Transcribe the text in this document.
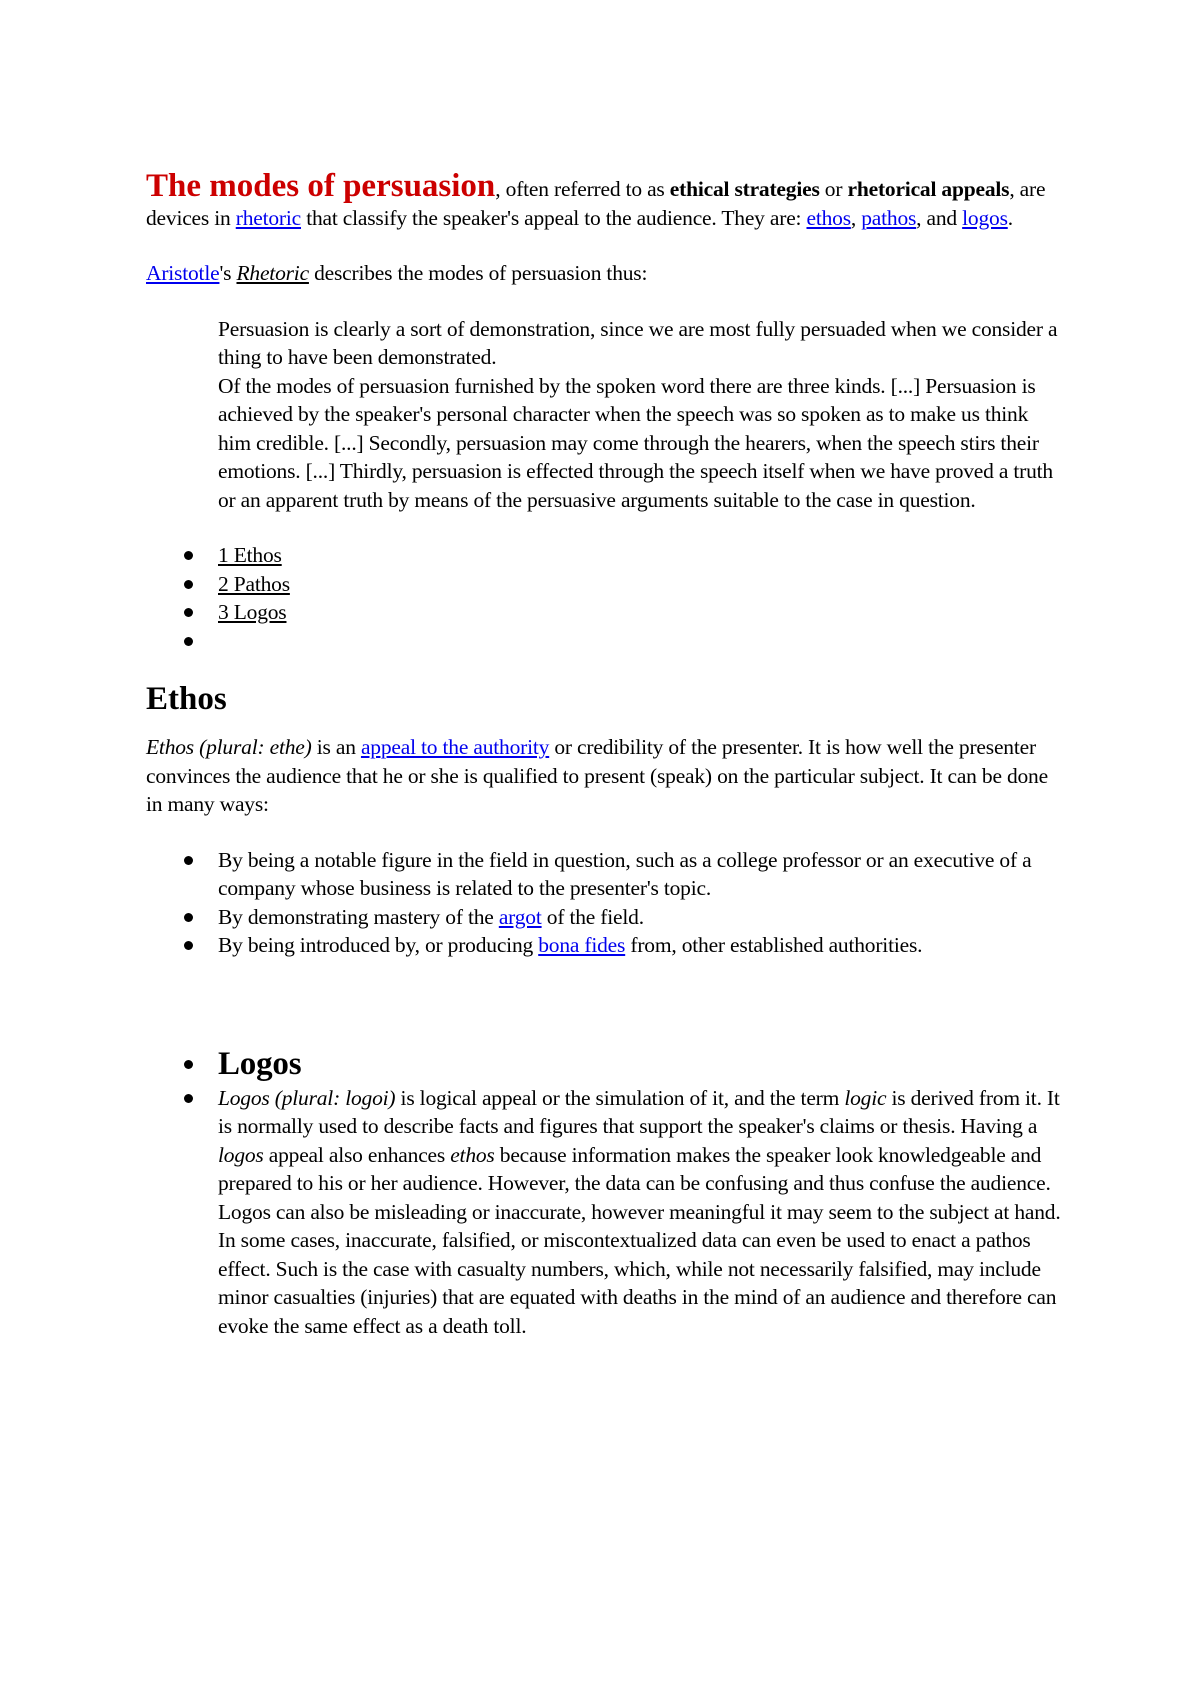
The modes of persuasion, often referred to as ethical strategies or rhetorical appeals, are devices in rhetoric that classify the speaker's appeal to the audience. They are: ethos, pathos, and logos.

Aristotle's Rhetoric describes the modes of persuasion thus:

Persuasion is clearly a sort of demonstration, since we are most fully persuaded when we consider a thing to have been demonstrated.

Of the modes of persuasion furnished by the spoken word there are three kinds. [...] Persuasion is achieved by the speaker's personal character when the speech was so spoken as to make us think him credible. [...] Secondly, persuasion may come through the hearers, when the speech stirs their emotions. [...] Thirdly, persuasion is effected through the speech itself when we have proved a truth or an apparent truth by means of the persuasive arguments suitable to the case in question.

1 Ethos
2 Pathos
3 Logos
Ethos

Ethos (plural: ethe) is an appeal to the authority or credibility of the presenter. It is how well the presenter convinces the audience that he or she is qualified to present (speak) on the particular subject. It can be done in many ways:

By being a notable figure in the field in question, such as a college professor or an executive of a company whose business is related to the presenter's topic.
By demonstrating mastery of the argot of the field.
By being introduced by, or producing bona fides from, other established authorities.
Logos
Logos (plural: logoi) is logical appeal or the simulation of it, and the term logic is derived from it. It is normally used to describe facts and figures that support the speaker's claims or thesis. Having a logos appeal also enhances ethos because information makes the speaker look knowledgeable and prepared to his or her audience. However, the data can be confusing and thus confuse the audience. Logos can also be misleading or inaccurate, however meaningful it may seem to the subject at hand. In some cases, inaccurate, falsified, or miscontextualized data can even be used to enact a pathos effect. Such is the case with casualty numbers, which, while not necessarily falsified, may include minor casualties (injuries) that are equated with deaths in the mind of an audience and therefore can evoke the same effect as a death toll.
